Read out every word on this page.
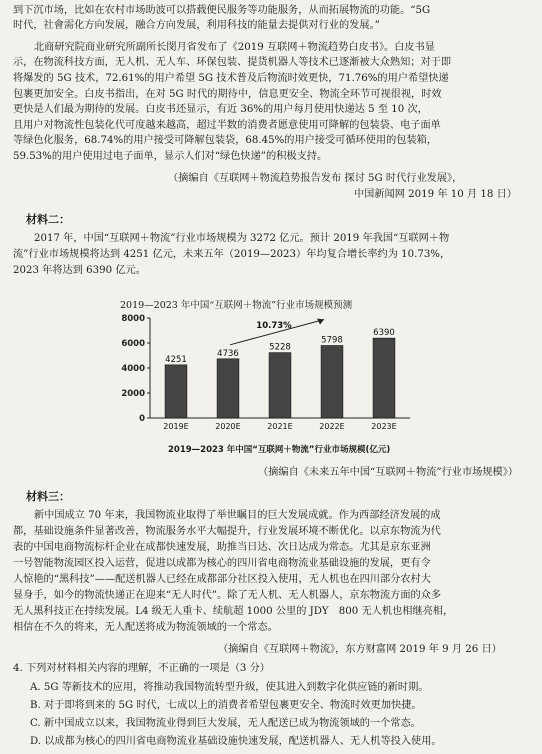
到下沉市场，比如在农村市场助波可以搭载便民服务等功能服务，从而拓展物流的功能。“5G
时代，社會需化方向发展，融合方向发展，利用科技的能量去提供对行业的发展。”
北商研究院商业研究所副所长閔月省发布了《2019 互联网＋物流趋势白皮书》。白皮书显
示，在物流科技方面，无人机、无人车、环保包装、提货机器人等技术已逐渐被大众熟知；对于即
将爆发的 5G 技术，72.61%的用户希望 5G 技术普及后物流时效更快，71.76%的用户希望快递
包裹更加安全。白皮书指出，在对 5G 时代的期待中，信息更安全、物流全环节可视很视，时效
更快是人们最为期待的发展。白皮书还显示，有近 36%的用户每月使用快递达 5 至 10 次，
且用户对物流性包装化代可度越来越高，超过半数的消费者愿意使用可降解的包装袋、电子面单
等绿色化服务，68.74%的用户接受可降解包装袋，68.45%的用户接受可循环使用的包装箱，
59.53%的用户使用过电子面单，显示人们对“绿色快递”的积极支持。
（摘编自《互联网＋物流趋势报告发布 探讨 5G 时代行业发展》，
中国新闻网 2019 年 10 月 18 日）
材料二：
2017 年，中国“互联网＋物流”行业市场规模为 3272 亿元。预计 2019 年我国“互联网＋物
流”行业市场规模将达到 4251 亿元，未来五年（2019—2023）年均复合增长率约为 10.73%，
2023 年将达到 6390 亿元。
2019—2023 年中国“互联网＋物流”行业市场规模预测
0
2000
4000
6000
8000
4251
2019E
4736
2020E
5228
2021E
5798
2022E
6390
2023E
10.73%
2019—2023 年中国“互联网＋物流”行业市场规模(亿元)
（摘编自《未来五年中国“互联网＋物流”行业市场规模》）
材料三：
新中国成立 70 年来，我国物流业取得了举世瞩目的巨大发展成就。作为西部经济发展的成
都，基础设施条件显著改善，物流服务水平大幅提升，行业发展环境不断优化。以京东物流为代
表的中国电商物流标杆企业在成都快速发展，助推当日达、次日达成为常态。尤其是京东亚洲
一号智能物流园区投入运营，促进以成都为核心的四川省电商物流业基础设施的发展，更有令
人惊艳的“黑科技”——配送机器人已经在成都部分社区投入使用，无人机也在四川部分农村大
显身手，如今的物流快递正在迎来“无人时代”。除了无人机、无人机器人，京东物流方面的众多
无人黑科技正在持续发展。L4 级无人重卡、续航超 1000 公里的 JDY　800 无人机也相继亮相，
相信在不久的将来，无人配送将成为物流领域的一个常态。
（摘编自《互联网＋物流》，东方财富网 2019 年 9 月 26 日）
4. 下列对材料相关内容的理解，不正确的一项是（3 分）
A. 5G 等新技术的应用，将推动我国物流转型升级，使其进入到数字化供应链的新时期。
B. 对于即将到来的 5G 时代，七成以上的消费者希望包裹更安全、物流时效更加快捷。
C. 新中国成立以来，我国物流业得到巨大发展，无人配送已成为物流领域的一个常态。
D. 以成都为核心的四川省电商物流业基础设施快速发展，配送机器人、无人机等投入使用。
